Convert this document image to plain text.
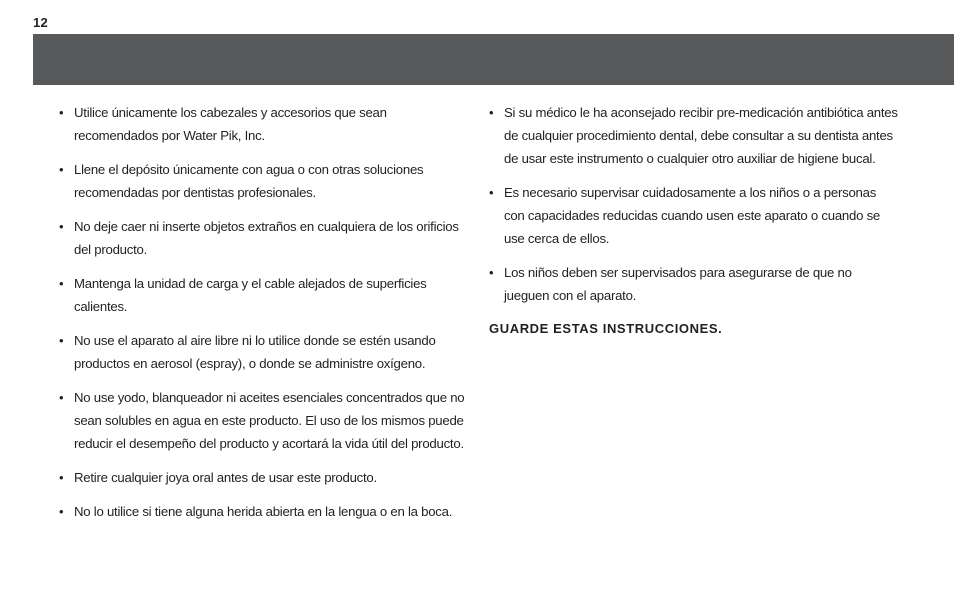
12
• Utilice únicamente los cabezales y accesorios que sean recomendados por Water Pik, Inc.
• Llene el depósito únicamente con agua o con otras soluciones recomendadas por dentistas profesionales.
• No deje caer ni inserte objetos extraños en cualquiera de los orificios del producto.
• Mantenga la unidad de carga y el cable alejados de superficies calientes.
• No use el aparato al aire libre ni lo utilice donde se estén usando productos en aerosol (espray), o donde se administre oxígeno.
• No use yodo, blanqueador ni aceites esenciales concentrados que no sean solubles en agua en este producto. El uso de los mismos puede reducir el desempeño del producto y acortará la vida útil del producto.
• Retire cualquier joya oral antes de usar este producto.
• No lo utilice si tiene alguna herida abierta en la lengua o en la boca.
• Si su médico le ha aconsejado recibir pre-medicación antibiótica antes de cualquier procedimiento dental, debe consultar a su dentista antes de usar este instrumento o cualquier otro auxiliar de higiene bucal.
• Es necesario supervisar cuidadosamente a los niños o a personas con capacidades reducidas cuando usen este aparato o cuando se use cerca de ellos.
• Los niños deben ser supervisados para asegurarse de que no jueguen con el aparato.
GUARDE ESTAS INSTRUCCIONES.
